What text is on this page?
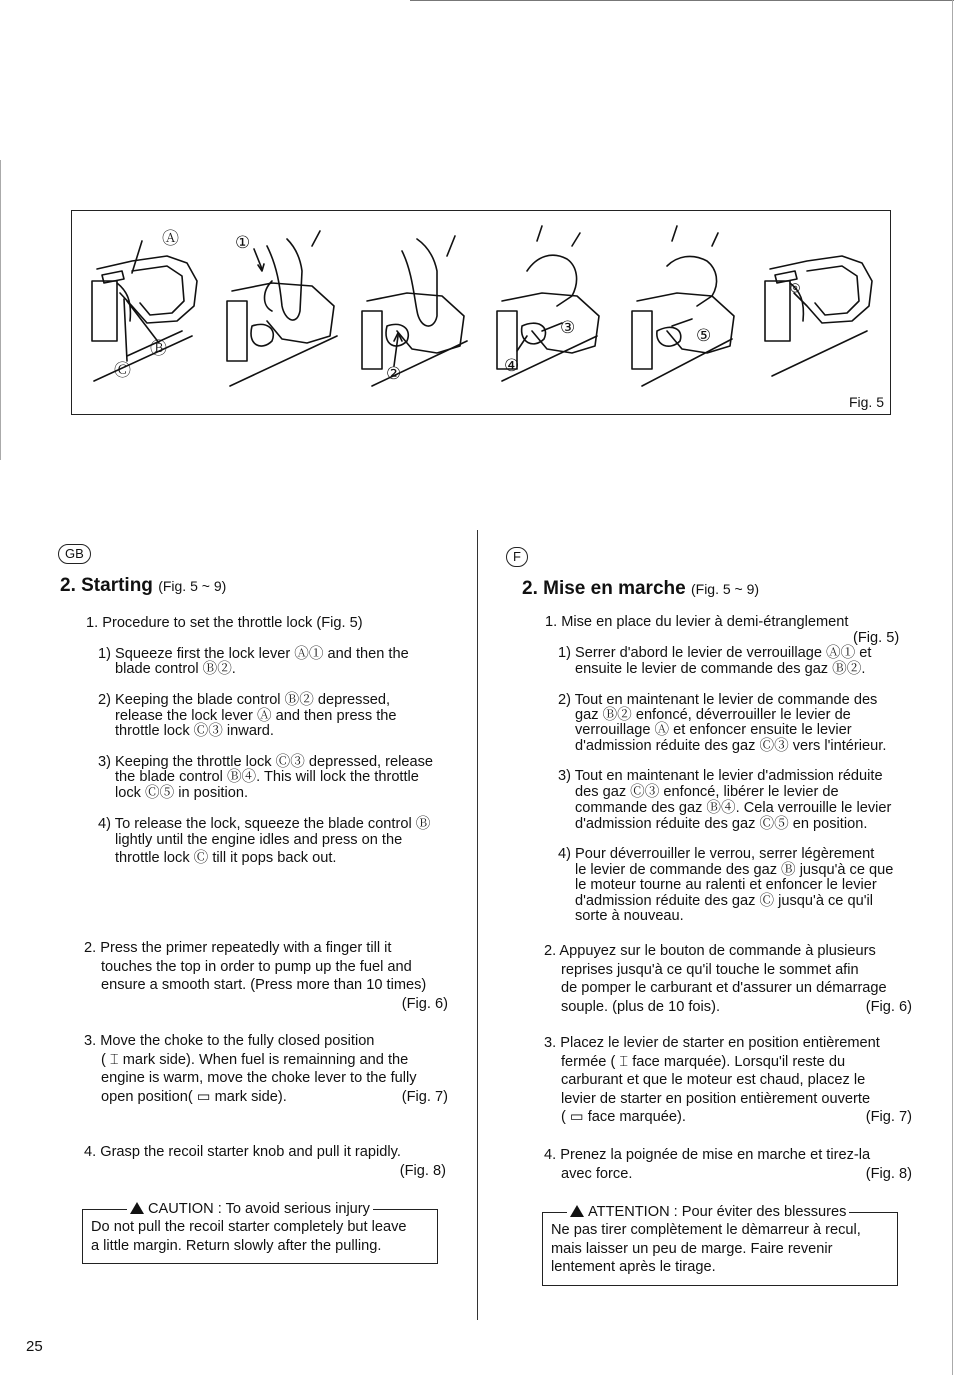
Ⓐ
Ⓑ
Ⓒ
①
②
③
④
⑤
◎
Fig. 5
GB
2. Starting (Fig. 5 ~ 9)
1. Procedure to set the throttle lock (Fig. 5)
1) Squeeze first the lock lever Ⓐ① and then the
blade control Ⓑ②.
2) Keeping the blade control Ⓑ② depressed,
release the lock lever Ⓐ and then press the
throttle lock Ⓒ③ inward.
3) Keeping the throttle lock Ⓒ③ depressed, release
the blade control Ⓑ④. This will lock the throttle
lock Ⓒ⑤ in position.
4) To release the lock, squeeze the blade control Ⓑ
lightly until the engine idles and press on the
throttle lock Ⓒ till it pops back out.
2. Press the primer repeatedly with a finger till it
touches the top in order to pump up the fuel and
ensure a smooth start. (Press more than 10 times)
(Fig. 6)
3. Move the choke to the fully closed position
( ⌶ mark side). When fuel is remainning and the
engine is warm, move the choke lever to the fully
open position( ▭ mark side).	(Fig. 7)
4. Grasp the recoil starter knob and pull it rapidly.
(Fig. 8)
CAUTION : To avoid serious injury
Do not pull the recoil starter completely but leave
a little margin. Return slowly after the pulling.
F
2. Mise en marche (Fig. 5 ~ 9)
1. Mise en place du levier à demi-étranglement
(Fig. 5)
1) Serrer d'abord le levier de verrouillage Ⓐ① et
ensuite le levier de commande des gaz Ⓑ②.
2) Tout en maintenant le levier de commande des
gaz Ⓑ② enfoncé, déverrouiller le levier de
verrouillage Ⓐ et enfoncer ensuite le levier
d'admission réduite des gaz Ⓒ③ vers l'intérieur.
3) Tout en maintenant le levier d'admission réduite
des gaz Ⓒ③ enfoncé, libérer le levier de
commande des gaz Ⓑ④. Cela verrouille le levier
d'admission réduite des gaz Ⓒ⑤ en position.
4) Pour déverrouiller le verrou, serrer légèrement
le levier de commande des gaz Ⓑ jusqu'à ce que
le moteur tourne au ralenti et enfoncer le levier
d'admission réduite des gaz Ⓒ jusqu'à ce qu'il
sorte à nouveau.
2. Appuyez sur le bouton de commande à plusieurs
reprises jusqu'à ce qu'il touche le sommet afin
de pomper le carburant et d'assurer un démarrage
souple. (plus de 10 fois).	(Fig. 6)
3. Placez le levier de starter en position entièrement
fermée ( ⌶ face marquée). Lorsqu'il reste du
carburant et que le moteur est chaud, placez le
levier de starter en position entièrement ouverte
( ▭ face marquée).	(Fig. 7)
4. Prenez la poignée de mise en marche et tirez-la
avec force.	(Fig. 8)
ATTENTION : Pour éviter des blessures
Ne pas tirer complètement le dèmarreur à recul,
mais laisser un peu de marge. Faire revenir
lentement après le tirage.
25
